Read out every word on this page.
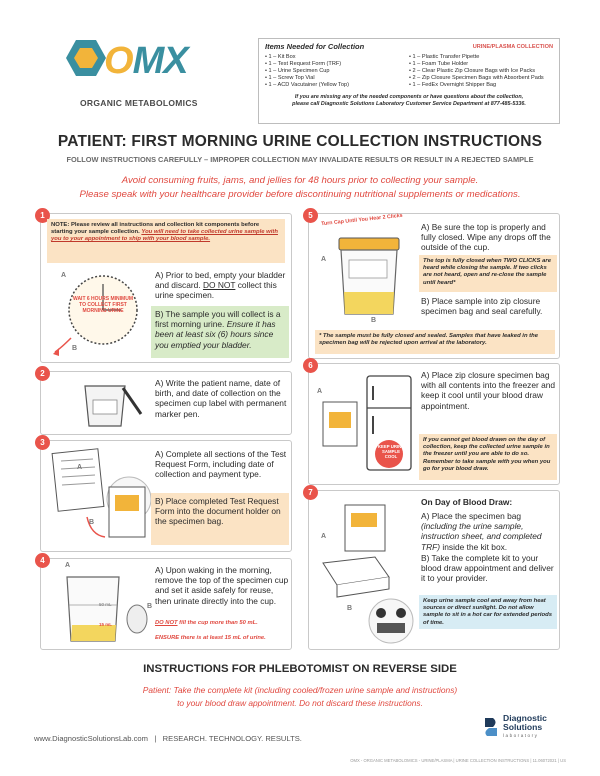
OMX
ORGANIC METABOLOMICS
Items Needed for Collection	URINE/PLASMA COLLECTION
• 1 – Kit Box
• 1 – Test Request Form (TRF)
• 1 – Urine Specimen Cup
• 1 – Screw Top Vial
• 1 – ACD Vacutainer (Yellow Top)
• 1 – Plastic Transfer Pipette
• 1 – Foam Tube Holder
• 2 – Clear Plastic Zip Closure Bags with Ice Packs
• 2 – Zip Closure Specimen Bags with Absorbent Pads
• 1 – FedEx Overnight Shipper Bag
If you are missing any of the needed components or have questions about the collection,
please call Diagnostic Solutions Laboratory Customer Service Department at 877-485-5336.
PATIENT: FIRST MORNING URINE COLLECTION INSTRUCTIONS
FOLLOW INSTRUCTIONS CAREFULLY – IMPROPER COLLECTION MAY INVALIDATE RESULTS OR RESULT IN A REJECTED SAMPLE
Avoid consuming fruits, jams, and jellies for 48 hours prior to collecting your sample.
Please speak with your healthcare provider before discontinuing nutritional supplements or medications.
1
NOTE: Please review all instructions and collection kit components before starting your sample collection. You will need to take collected urine sample with you to your appointment to ship with your blood sample.
A
B
WAIT 6 HOURS MINIMUM TO COLLECT FIRST MORNING URINE
A) Prior to bed, empty your bladder and discard. DO NOT collect this urine specimen.
B) The sample you will collect is a first morning urine. Ensure it has been at least six (6) hours since you emptied your bladder.
2
A) Write the patient name, date of birth, and date of collection on the specimen cup label with permanent marker pen.
3
A
B
A) Complete all sections of the Test Request Form, including date of collection and payment type.
B) Place completed Test Request Form into the document holder on the specimen bag.
4
A
B
50 mL
15 mL
A) Upon waking in the morning, remove the top of the specimen cup and set it aside safely for reuse, then urinate directly into the cup.
DO NOT fill the cup more than 50 mL.
ENSURE there is at least 15 mL of urine.
5	Turn Cap Until You Hear 2 Clicks
A
B
A) Be sure the top is properly and fully closed. Wipe any drops off the outside of the cup.
The top is fully closed when TWO CLICKS are heard while closing the sample. If two clicks are not heard, open and re-close the sample until heard*
B) Place sample into zip closure specimen bag and seal carefully.
* The sample must be fully closed and sealed. Samples that have leaked in the specimen bag will be rejected upon arrival at the laboratory.
6
A
KEEP URINE SAMPLE COOL
A) Place zip closure specimen bag with all contents into the freezer and keep it cool until your blood draw appointment.
If you cannot get blood drawn on the day of collection, keep the collected urine sample in the freezer until you are able to do so. Remember to take sample with you when you go for your blood draw.
7
A
B
On Day of Blood Draw:
A) Place the specimen bag (including the urine sample, instruction sheet, and completed TRF) inside the kit box.
B) Take the complete kit to your blood draw appointment and deliver it to your provider.
Keep urine sample cool and away from heat sources or direct sunlight. Do not allow sample to sit in a hot car for extended periods of time.
INSTRUCTIONS FOR PHLEBOTOMIST ON REVERSE SIDE
Patient: Take the complete kit (including cooled/frozen urine sample and instructions)
to your blood draw appointment. Do not discard these instructions.
www.DiagnosticSolutionsLab.com | RESEARCH. TECHNOLOGY. RESULTS.
Diagnostic
Solutions
laboratory
OMX - ORGANIC METABOLOMICS - URINE/PLASMA | URINE COLLECTION INSTRUCTIONS | 11.06072021 | US
